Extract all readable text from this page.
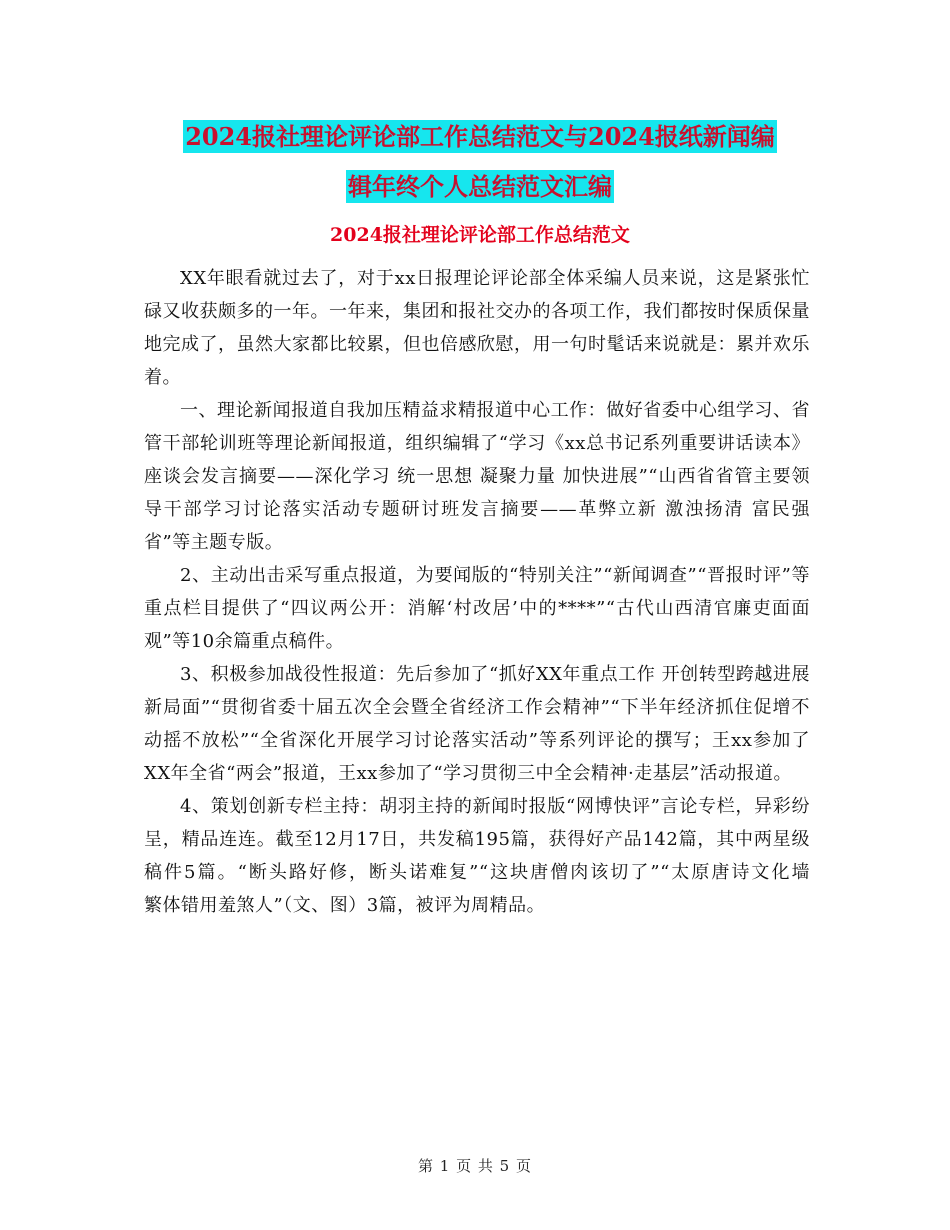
2024报社理论评论部工作总结范文与2024报纸新闻编
辑年终个人总结范文汇编
2024报社理论评论部工作总结范文

XX年眼看就过去了，对于xx日报理论评论部全体采编人员来说，这是紧张忙碌又收获颇多的一年。一年来，集团和报社交办的各项工作，我们都按时保质保量地完成了，虽然大家都比较累，但也倍感欣慰，用一句时髦话来说就是：累并欢乐着。

一、理论新闻报道自我加压精益求精报道中心工作：做好省委中心组学习、省管干部轮训班等理论新闻报道，组织编辑了“学习《xx总书记系列重要讲话读本》座谈会发言摘要——深化学习 统一思想 凝聚力量 加快进展”“山西省省管主要领导干部学习讨论落实活动专题研讨班发言摘要——革弊立新 激浊扬清 富民强省”等主题专版。

2、主动出击采写重点报道，为要闻版的“特别关注”“新闻调查”“晋报时评”等重点栏目提供了“四议两公开：消解‘村改居’中的****”“古代山西清官廉吏面面观”等10余篇重点稿件。

3、积极参加战役性报道：先后参加了“抓好XX年重点工作 开创转型跨越进展新局面”“贯彻省委十届五次全会暨全省经济工作会精神”“下半年经济抓住促增不动摇不放松”“全省深化开展学习讨论落实活动”等系列评论的撰写；王xx参加了XX年全省“两会”报道，王xx参加了“学习贯彻三中全会精神·走基层”活动报道。

4、策划创新专栏主持：胡羽主持的新闻时报版“网博快评”言论专栏，异彩纷呈，精品连连。截至12月17日，共发稿195篇，获得好产品142篇，其中两星级稿件5篇。“断头路好修，断头诺难复”“这块唐僧肉该切了”“太原唐诗文化墙　　繁体错用羞煞人”（文、图）3篇，被评为周精品。

第 1 页 共 5 页
